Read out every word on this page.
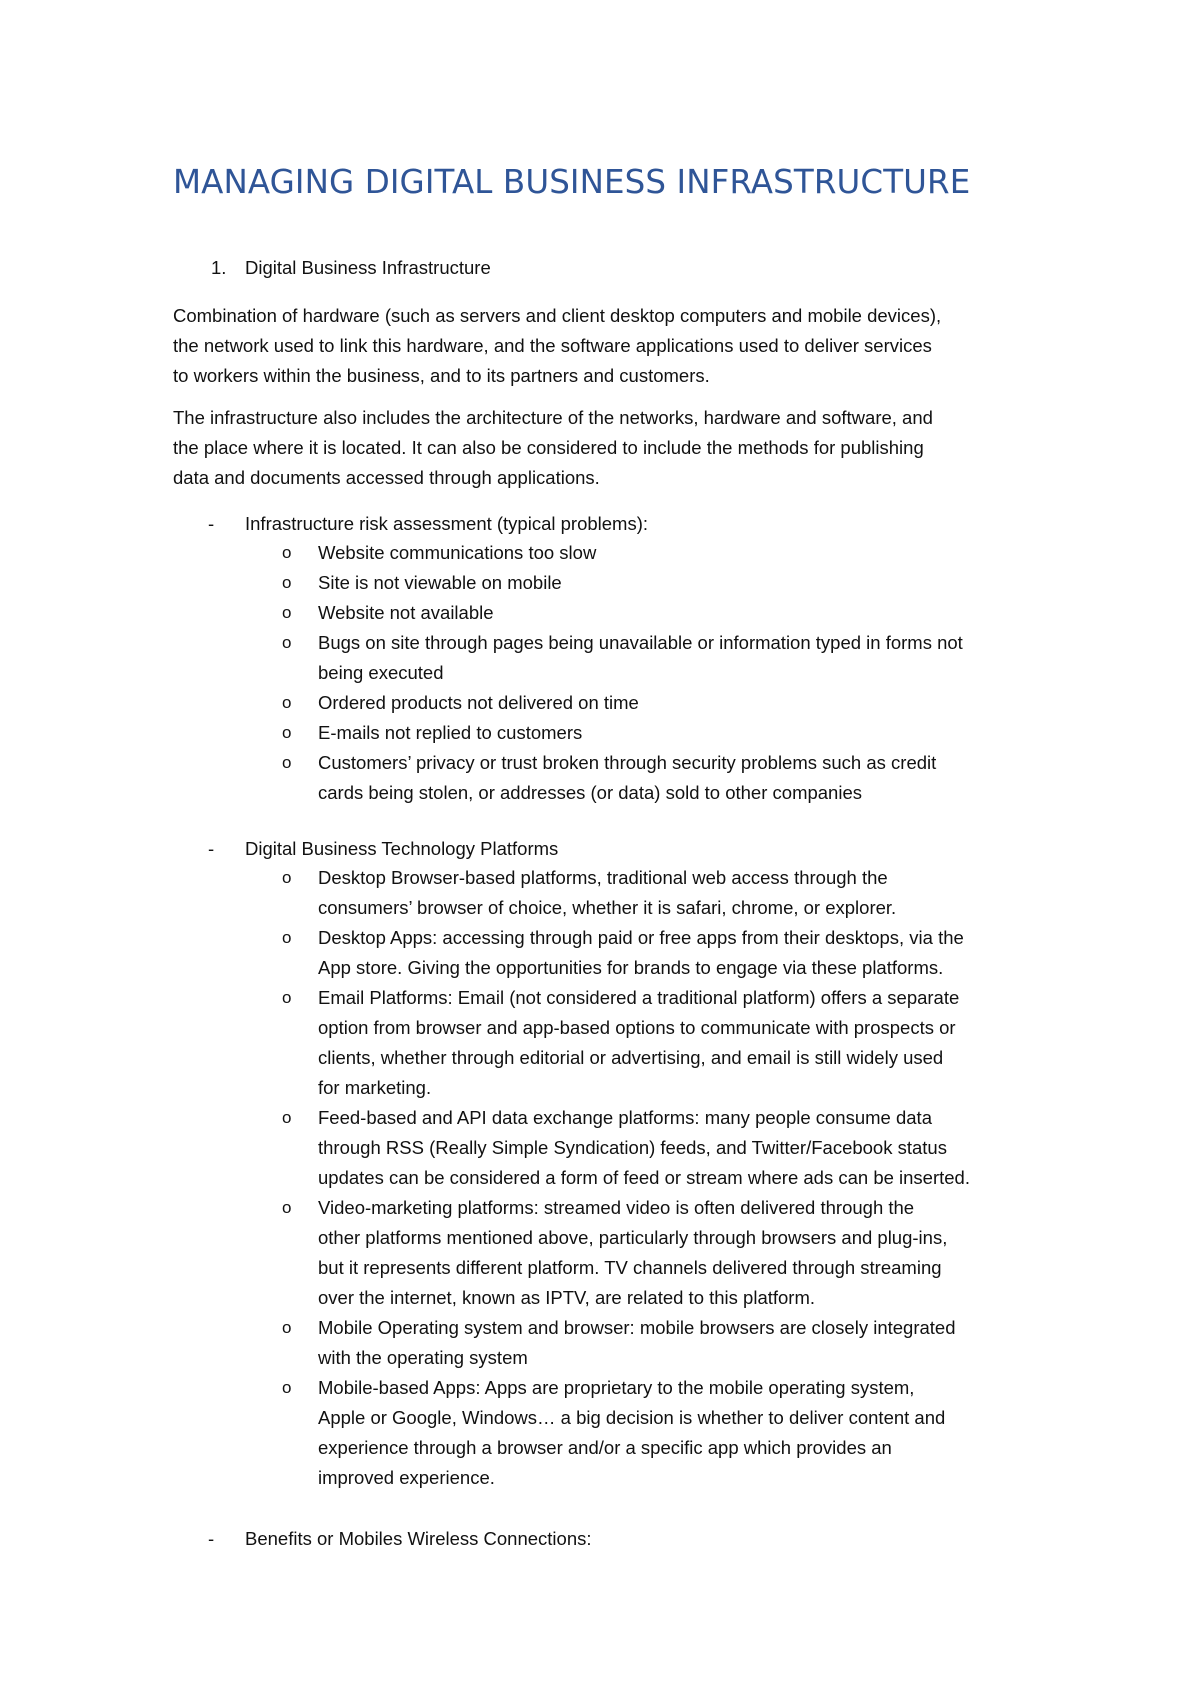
MANAGING DIGITAL BUSINESS INFRASTRUCTURE
1. Digital Business Infrastructure

Combination of hardware (such as servers and client desktop computers and mobile devices),
the network used to link this hardware, and the software applications used to deliver services
to workers within the business, and to its partners and customers.

The infrastructure also includes the architecture of the networks, hardware and software, and
the place where it is located. It can also be considered to include the methods for publishing
data and documents accessed through applications.

- Infrastructure risk assessment (typical problems):
o Website communications too slow
o Site is not viewable on mobile
o Website not available
o Bugs on site through pages being unavailable or information typed in forms not
being executed
o Ordered products not delivered on time
o E-mails not replied to customers
o Customers’ privacy or trust broken through security problems such as credit
cards being stolen, or addresses (or data) sold to other companies
- Digital Business Technology Platforms
o Desktop Browser-based platforms, traditional web access through the
consumers’ browser of choice, whether it is safari, chrome, or explorer.
o Desktop Apps: accessing through paid or free apps from their desktops, via the
App store. Giving the opportunities for brands to engage via these platforms.
o Email Platforms: Email (not considered a traditional platform) offers a separate
option from browser and app-based options to communicate with prospects or
clients, whether through editorial or advertising, and email is still widely used
for marketing.
o Feed-based and API data exchange platforms: many people consume data
through RSS (Really Simple Syndication) feeds, and Twitter/Facebook status
updates can be considered a form of feed or stream where ads can be inserted.
o Video-marketing platforms: streamed video is often delivered through the
other platforms mentioned above, particularly through browsers and plug-ins,
but it represents different platform. TV channels delivered through streaming
over the internet, known as IPTV, are related to this platform.
o Mobile Operating system and browser: mobile browsers are closely integrated
with the operating system
o Mobile-based Apps: Apps are proprietary to the mobile operating system,
Apple or Google, Windows… a big decision is whether to deliver content and
experience through a browser and/or a specific app which provides an
improved experience.
- Benefits or Mobiles Wireless Connections:
